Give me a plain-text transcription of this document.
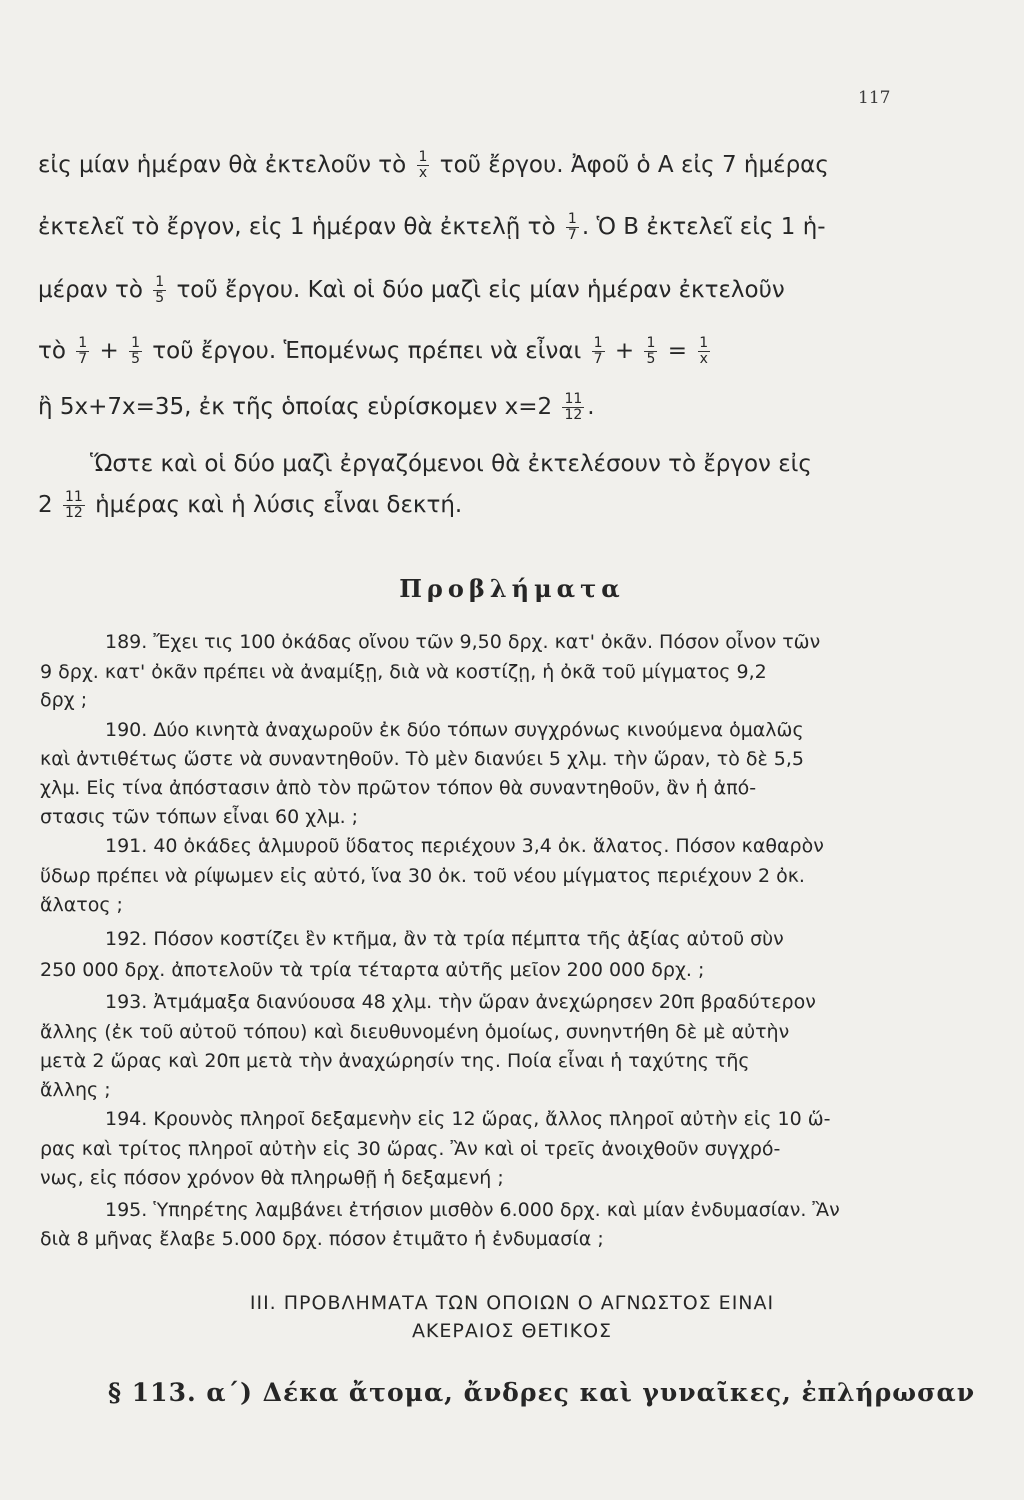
117
εἰς μίαν ἡμέραν θὰ ἐκτελοῦν τὸ $\frac{1}{x}$ τοῦ ἔργου. Ἀφοῦ ὁ Α εἰς 7 ἡμέρας
ἐκτελεῖ τὸ ἔργον, εἰς 1 ἡμέραν θὰ ἐκτελῇ τὸ $\frac{1}{7}$ . Ὁ Β ἐκτελεῖ εἰς 1 ἡ-
μέραν τὸ $\frac{1}{5}$ τοῦ ἔργου. Καὶ οἱ δύο μαζὶ εἰς μίαν ἡμέραν ἐκτελοῦν
τὸ $\frac{1}{7} + \frac{1}{5}$ τοῦ ἔργου. Ἑπομένως πρέπει νὰ εἶναι $\frac{1}{7} + \frac{1}{5} = \frac{1}{x}$
ἢ 5x+7x=35, ἐκ τῆς ὁποίας εὑρίσκομεν $x=2 \frac{11}{12}$ .
Ὥστε καὶ οἱ δύο μαζὶ ἐργαζόμενοι θὰ ἐκτελέσουν τὸ ἔργον εἰς
$2 \frac{11}{12}$ ἡμέρας καὶ ἡ λύσις εἶναι δεκτή.
Προβλήματα
189. Ἔχει τις 100 ὀκάδας οἴνου τῶν 9,50 δρχ. κατ' ὀκᾶν. Πόσον οἶνον τῶν
9 δρχ. κατ' ὀκᾶν πρέπει νὰ ἀναμίξῃ, διὰ νὰ κοστίζῃ, ἡ ὀκᾶ τοῦ μίγματος 9,2
δρχ ;
190. Δύο κινητὰ ἀναχωροῦν ἐκ δύο τόπων συγχρόνως κινούμενα ὁμαλῶς
καὶ ἀντιθέτως ὥστε νὰ συναντηθοῦν. Τὸ μὲν διανύει 5 χλμ. τὴν ὥραν, τὸ δὲ 5,5
χλμ. Εἰς τίνα ἀπόστασιν ἀπὸ τὸν πρῶτον τόπον θὰ συναντηθοῦν, ἂν ἡ ἀπό-
στασις τῶν τόπων εἶναι 60 χλμ. ;
191. 40 ὀκάδες ἁλμυροῦ ὕδατος περιέχουν 3,4 ὀκ. ἅλατος. Πόσον καθαρὸν
ὕδωρ πρέπει νὰ ρίψωμεν εἰς αὐτό, ἵνα 30 ὀκ. τοῦ νέου μίγματος περιέχουν 2 ὀκ.
ἅλατος ;
192. Πόσον κοστίζει ἓν κτῆμα, ἂν τὰ τρία πέμπτα τῆς ἀξίας αὐτοῦ σὺν
250 000 δρχ. ἀποτελοῦν τὰ τρία τέταρτα αὐτῆς μεῖον 200 000 δρχ. ;
193. Ἀτμάμαξα διανύουσα 48 χλμ. τὴν ὥραν ἀνεχώρησεν 20π βραδύτερον
ἄλλης (ἐκ τοῦ αὐτοῦ τόπου) καὶ διευθυνομένη ὁμοίως, συνηντήθη δὲ μὲ αὐτὴν
μετὰ 2 ὥρας καὶ 20π μετὰ τὴν ἀναχώρησίν της. Ποία εἶναι ἡ ταχύτης τῆς
ἄλλης ;
194. Κρουνὸς πληροῖ δεξαμενὴν εἰς 12 ὥρας, ἄλλος πληροῖ αὐτὴν εἰς 10 ὥ-
ρας καὶ τρίτος πληροῖ αὐτὴν εἰς 30 ὥρας. Ἂν καὶ οἱ τρεῖς ἀνοιχθοῦν συγχρό-
νως, εἰς πόσον χρόνον θὰ πληρωθῇ ἡ δεξαμενή ;
195. Ὑπηρέτης λαμβάνει ἐτήσιον μισθὸν 6.000 δρχ. καὶ μίαν ἐνδυμασίαν. Ἂν
διὰ 8 μῆνας ἔλαβε 5.000 δρχ. πόσον ἐτιμᾶτο ἡ ἐνδυμασία ;
III. ΠΡΟΒΛΗΜΑΤΑ ΤΩΝ ΟΠΟΙΩΝ Ο ΑΓΝΩΣΤΟΣ ΕΙΝΑΙ
ΑΚΕΡΑΙΟΣ ΘΕΤΙΚΟΣ
§ 113. α΄) Δέκα ἄτομα, ἄνδρες καὶ γυναῖκες, ἐπλήρωσαν
